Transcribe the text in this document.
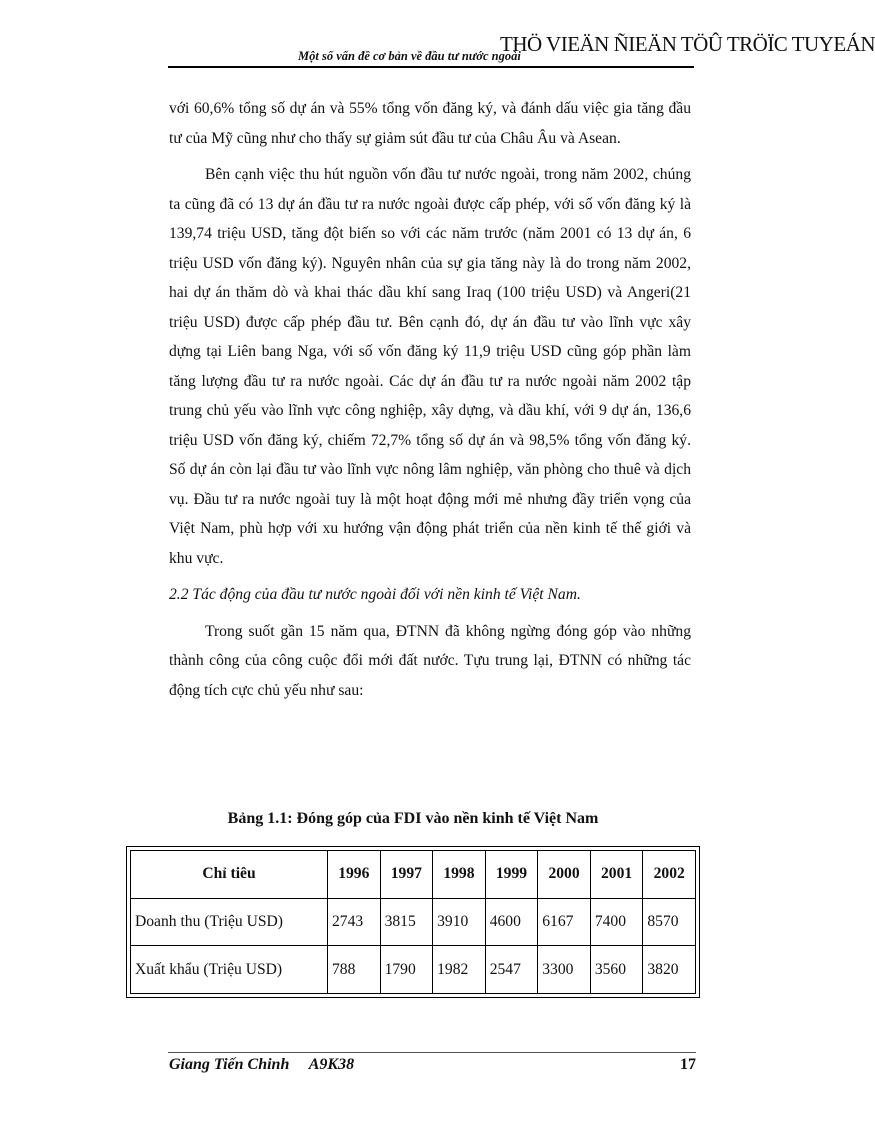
THÖ VIEÄN ÑIEÄN TÖÛ TRÖÏC TUYEÁN
Một số vấn đề cơ bản về đầu tư nước ngoài

với 60,6% tổng số dự án và 55% tổng vốn đăng ký, và đánh dấu việc gia tăng đầu tư của Mỹ cũng như cho thấy sự giảm sút đầu tư của Châu Âu và Asean.

Bên cạnh việc thu hút nguồn vốn đầu tư nước ngoài, trong năm 2002, chúng ta cũng đã có 13 dự án đầu tư ra nước ngoài được cấp phép, với số vốn đăng ký là 139,74 triệu USD, tăng đột biến so với các năm trước (năm 2001 có 13 dự án, 6 triệu USD vốn đăng ký). Nguyên nhân của sự gia tăng này là do trong năm 2002, hai dự án thăm dò và khai thác dầu khí sang Iraq (100 triệu USD) và Angeri(21 triệu USD) được cấp phép đầu tư. Bên cạnh đó, dự án đầu tư vào lĩnh vực xây dựng tại Liên bang Nga, với số vốn đăng ký 11,9 triệu USD cũng góp phần làm tăng lượng đầu tư ra nước ngoài. Các dự án đầu tư ra nước ngoài năm 2002 tập trung chủ yếu vào lĩnh vực công nghiệp, xây dựng, và dầu khí, với 9 dự án, 136,6 triệu USD vốn đăng ký, chiếm 72,7% tổng số dự án và 98,5% tổng vốn đăng ký. Số dự án còn lại đầu tư vào lĩnh vực nông lâm nghiệp, văn phòng cho thuê và dịch vụ. Đầu tư ra nước ngoài tuy là một hoạt động mới mẻ nhưng đầy triển vọng của Việt Nam, phù hợp với xu hướng vận động phát triển của nền kinh tế thế giới và khu vực.

2.2 Tác động của đầu tư nước ngoài đối với nền kinh tế Việt Nam.

Trong suốt gần 15 năm qua, ĐTNN đã không ngừng đóng góp vào những thành công của công cuộc đổi mới đất nước. Tựu trung lại, ĐTNN có những tác động tích cực chủ yếu như sau:

Bảng 1.1: Đóng góp của FDI vào nền kinh tế Việt Nam
Chỉ tiêu	1996	1997	1998	1999	2000	2001	2002
Doanh thu (Triệu USD)	2743	3815	3910	4600	6167	7400	8570
Xuất khẩu (Triệu USD)	788	1790	1982	2547	3300	3560	3820
Giang Tiến Chinh     A9K38	17
